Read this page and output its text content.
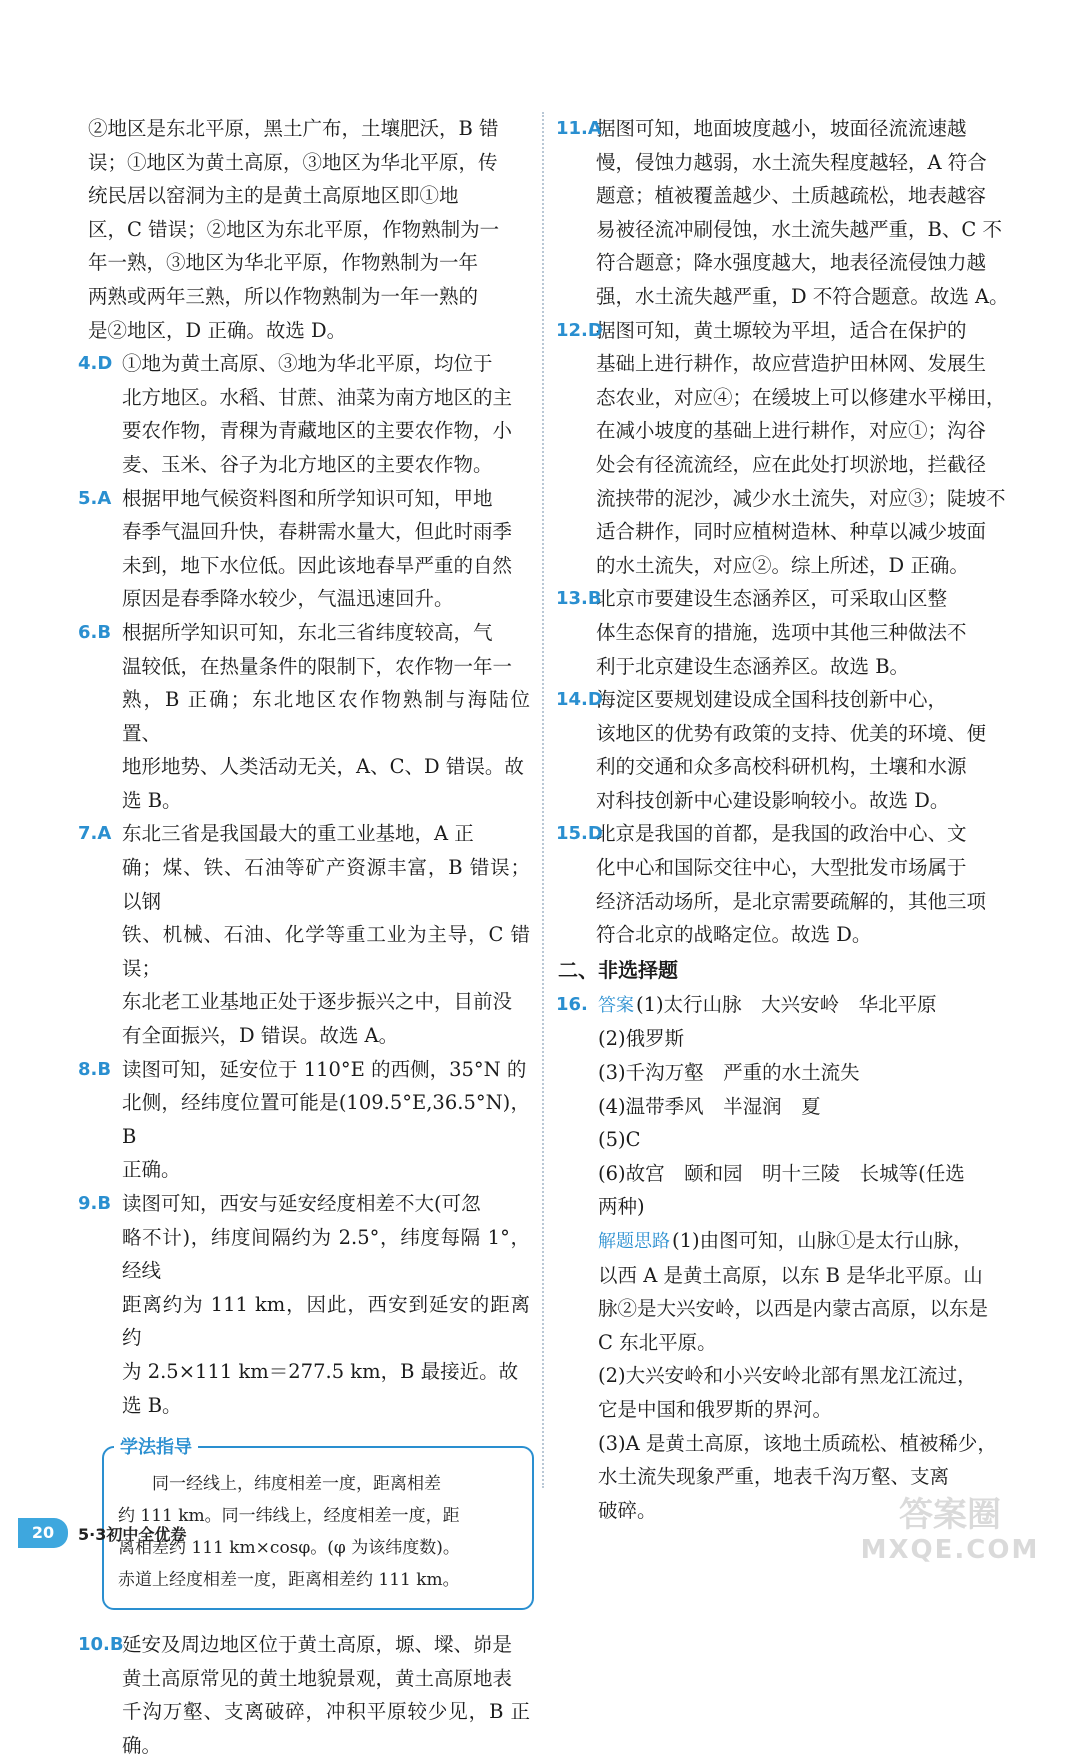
②地区是东北平原，黑土广布，土壤肥沃，B 错
误；①地区为黄土高原，③地区为华北平原，传
统民居以窑洞为主的是黄土高原地区即①地
区，C 错误；②地区为东北平原，作物熟制为一
年一熟，③地区为华北平原，作物熟制为一年
两熟或两年三熟，所以作物熟制为一年一熟的
是②地区，D 正确。故选 D。

4.D ①地为黄土高原、③地为华北平原，均位于
北方地区。水稻、甘蔗、油菜为南方地区的主
要农作物，青稞为青藏地区的主要农作物，小
麦、玉米、谷子为北方地区的主要农作物。
5.A 根据甲地气候资料图和所学知识可知，甲地
春季气温回升快，春耕需水量大，但此时雨季
未到，地下水位低。因此该地春旱严重的自然
原因是春季降水较少，气温迅速回升。
6.B 根据所学知识可知，东北三省纬度较高，气
温较低，在热量条件的限制下，农作物一年一
熟，B 正确；东北地区农作物熟制与海陆位置、
地形地势、人类活动无关，A、C、D 错误。故
选 B。
7.A 东北三省是我国最大的重工业基地，A 正
确；煤、铁、石油等矿产资源丰富，B 错误；以钢
铁、机械、石油、化学等重工业为主导，C 错误；
东北老工业基地正处于逐步振兴之中，目前没
有全面振兴，D 错误。故选 A。
8.B 读图可知，延安位于 110°E 的西侧，35°N 的
北侧，经纬度位置可能是(109.5°E,36.5°N)，B
正确。
9.B 读图可知，西安与延安经度相差不大(可忽
略不计)，纬度间隔约为 2.5°，纬度每隔 1°，经线
距离约为 111 km，因此，西安到延安的距离约
为 2.5×111 km＝277.5 km，B 最接近。故
选 B。
学法指导
同一经线上，纬度相差一度，距离相差
约 111 km。同一纬线上，经度相差一度，距
离相差约 111 km×cosφ。(φ 为该纬度数)。
赤道上经度相差一度，距离相差约 111 km。
10.B
延安及周边地区位于黄土高原，塬、墚、峁是
黄土高原常见的黄土地貌景观，黄土高原地表
千沟万壑、支离破碎，冲积平原较少见，B 正确。
11.A
据图可知，地面坡度越小，坡面径流流速越
慢，侵蚀力越弱，水土流失程度越轻，A 符合
题意；植被覆盖越少、土质越疏松，地表越容
易被径流冲刷侵蚀，水土流失越严重，B、C 不
符合题意；降水强度越大，地表径流侵蚀力越
强，水土流失越严重，D 不符合题意。故选 A。
12.D
据图可知，黄土塬较为平坦，适合在保护的
基础上进行耕作，故应营造护田林网、发展生
态农业，对应④；在缓坡上可以修建水平梯田，
在减小坡度的基础上进行耕作，对应①；沟谷
处会有径流流经，应在此处打坝淤地，拦截径
流挟带的泥沙，减少水土流失，对应③；陡坡不
适合耕作，同时应植树造林、种草以减少坡面
的水土流失，对应②。综上所述，D 正确。
13.B
北京市要建设生态涵养区，可采取山区整
体生态保育的措施，选项中其他三种做法不
利于北京建设生态涵养区。故选 B。
14.D
海淀区要规划建设成全国科技创新中心，
该地区的优势有政策的支持、优美的环境、便
利的交通和众多高校科研机构，土壤和水源
对科技创新中心建设影响较小。故选 D。
15.D
北京是我国的首都，是我国的政治中心、文
化中心和国际交往中心，大型批发市场属于
经济活动场所，是北京需要疏解的，其他三项
符合北京的战略定位。故选 D。
二、非选择题
16. 答案 (1)太行山脉　大兴安岭　华北平原
(2)俄罗斯
(3)千沟万壑　严重的水土流失
(4)温带季风　半湿润　夏
(5)C
(6)故宫　颐和园　明十三陵　长城等(任选
两种)
解题思路 (1)由图可知，山脉①是太行山脉，
以西 A 是黄土高原，以东 B 是华北平原。山
脉②是大兴安岭，以西是内蒙古高原，以东是
C 东北平原。
(2)大兴安岭和小兴安岭北部有黑龙江流过，
它是中国和俄罗斯的界河。
(3)A 是黄土高原，该地土质疏松、植被稀少，
水土流失现象严重，地表千沟万壑、支离
破碎。
20	5·3初中全优卷	答案圈
MXQE.COM
